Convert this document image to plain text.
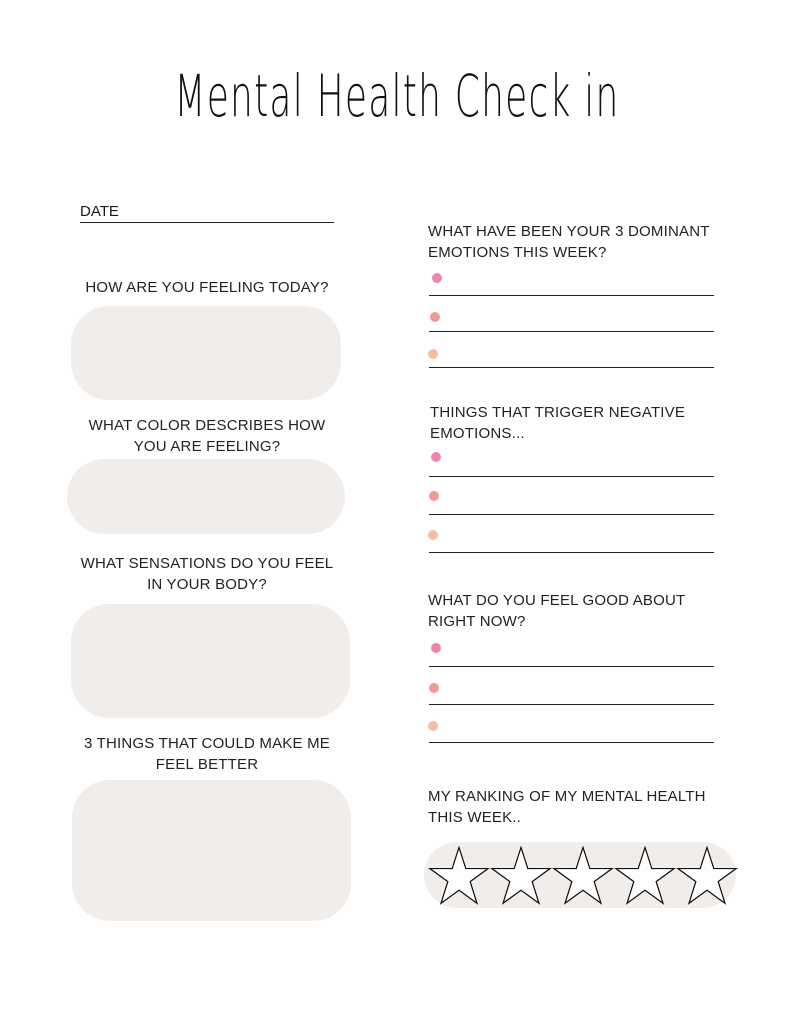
Mental Health Check in
DATE
HOW ARE YOU FEELING TODAY?
WHAT COLOR DESCRIBES HOW YOU ARE FEELING?
WHAT SENSATIONS DO YOU FEEL IN YOUR BODY?
3 THINGS THAT COULD MAKE ME FEEL BETTER
WHAT HAVE BEEN YOUR 3 DOMINANT EMOTIONS THIS WEEK?
THINGS THAT TRIGGER NEGATIVE EMOTIONS...
WHAT DO YOU FEEL GOOD ABOUT RIGHT NOW?
MY RANKING OF MY MENTAL HEALTH THIS WEEK..
